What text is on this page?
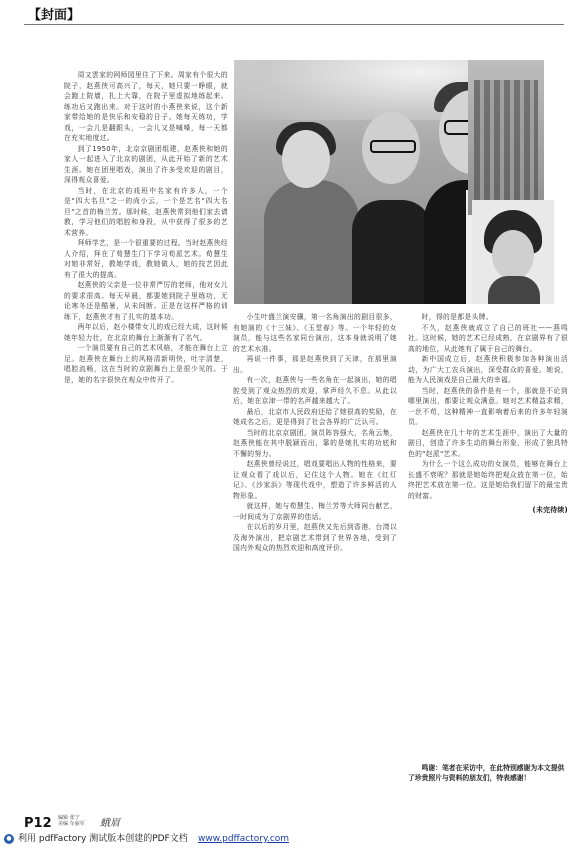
【封面】

周又雲家的网师园里住了下来。周家有个很大的院子，赵燕侠可高兴了，每天，她只要一睁眼，就会跑上院墙，扎上大靠，在院子里虚拟地练起来。练功后又跑出来。对于这时的小燕侠来说，这个新家带给她的是快乐和安稳的日子。她每天练功，学戏，一会儿是翻跟头，一会儿又是喊嗓，每一天都在充实地度过。

到了1950年，北京京剧团组建，赵燕侠和她的家人一起进入了北京的剧团，从此开始了新的艺术生涯。她在团里唱戏，演出了许多受欢迎的剧目，深得观众喜爱。

当时，在北京的戏班中名家有许多人，一个是"四大名旦"之一的尚小云，一个是艺名"四大名旦"之首的梅兰芳。那时候，赵燕侠常到他们家去请教，学习他们的唱腔和身段，从中获得了很多的艺术营养。

拜师学艺，是一个很重要的过程。当时赵燕侠经人介绍，拜在了荀慧生门下学习荀派艺术。荀慧生对她非常好，教她学戏，教她做人，她的技艺因此有了很大的提高。

赵燕侠的父亲是一位非常严厉的老师，他对女儿的要求很高。每天早晨，都要她到院子里练功，无论寒冬还是酷暑，从未间断。正是在这样严格的训练下，赵燕侠才有了扎实的基本功。

两年以后，赵小楼带女儿的戏已经大成，这时候她年轻力壮，在北京的舞台上渐渐有了名气。

一个演员要有自己的艺术风格，才能在舞台上立足。赵燕侠在舞台上的风格清新明快，吐字清楚，唱腔流畅，这在当时的京剧舞台上是很少见的。于是，她的名字很快在观众中传开了。

小生叶盛兰演安骥，第一名角演出的剧目很多，有她演的《十三妹》、《玉堂春》等。一个年轻的女演员，能与这些名家同台演出，这本身就说明了她的艺术水准。

再说一件事，那是赵燕侠到了天津，在那里演出。

有一次，赵燕侠与一些名角在一起演出，她的唱腔受到了观众热烈的欢迎，掌声经久不息。从此以后，她在京津一带的名声越来越大了。

最后，北京市人民政府还给了她很高的奖励，在她成名之后，更是得到了社会各界的广泛认可。

当时的北京京剧团，演员阵容强大，名角云集，赵燕侠能在其中脱颖而出，靠的是她扎实的功底和不懈的努力。

赵燕侠曾经说过，唱戏要唱出人物的性格来，要让观众看了戏以后，记住这个人物。她在《红灯记》、《沙家浜》等现代戏中，塑造了许多鲜活的人物形象。

就这样，她与荀慧生、梅兰芳等大师同台献艺，一时间成为了京剧界的佳话。

在以后的岁月里，赵燕侠又先后到香港、台湾以及海外演出，把京剧艺术带到了世界各地，受到了国内外观众的热烈欢迎和高度评价。

时，得的是都是头牌。

不久，赵燕侠就成立了自己的班社——燕鸣社。这时候，她的艺术已经成熟，在京剧界有了很高的地位，从此她有了属于自己的舞台。

新中国成立后，赵燕侠积极参加各种演出活动，为广大工农兵演出，深受群众的喜爱。她说，能为人民演戏是自己最大的幸福。

当时，赵燕侠的条件是有一个，那就是不论到哪里演出，都要让观众满意。她对艺术精益求精，一丝不苟，这种精神一直影响着后来的许多年轻演员。

赵燕侠在几十年的艺术生涯中，演出了大量的剧目，创造了许多生动的舞台形象，形成了独具特色的"赵派"艺术。

为什么一个这么成功的女演员，能够在舞台上长盛不衰呢？那就是她始终把观众放在第一位，始终把艺术放在第一位。这是她给我们留下的最宝贵的财富。

(未完待续)
鸣谢：笔者在采访中，在此特别感谢为本文提供了珍贵照片与资料的朋友们，特表感谢！
P12 编辑 张宁
美编 车丽军	蛾眉
● 利用 pdfFactory 测试版本创建的PDF文档 www.pdffactory.com
